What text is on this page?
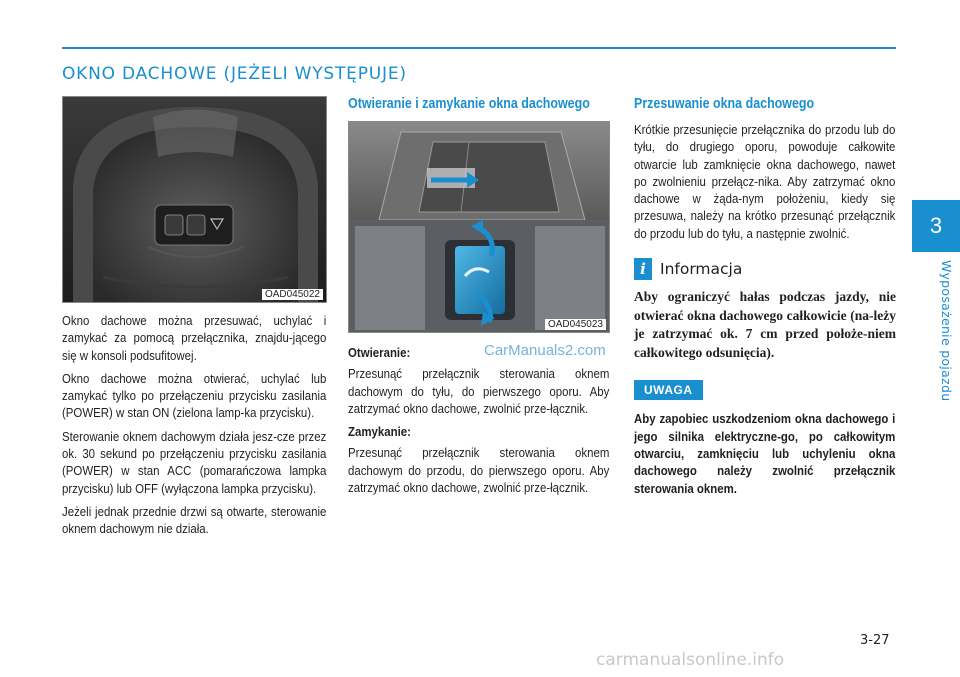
OKNO DACHOWE (JEŻELI WYSTĘPUJE)
3
Wyposażenie pojazdu
OAD045022

Okno dachowe można przesuwać, uchylać i zamykać za pomocą przełącznika, znajdu-jącego się w konsoli podsufitowej.

Okno dachowe można otwierać, uchylać lub zamykać tylko po przełączeniu przycisku zasilania (POWER) w stan ON (zielona lamp-ka przycisku).

Sterowanie oknem dachowym działa jesz-cze przez ok. 30 sekund po przełączeniu przycisku zasilania (POWER) w stan ACC (pomarańczowa lampka przycisku) lub OFF (wyłączona lampka przycisku).

Jeżeli jednak przednie drzwi są otwarte, sterowanie oknem dachowym nie działa.

Otwieranie i zamykanie okna dachowego
OAD045023

Otwieranie:

Przesunąć przełącznik sterowania oknem dachowym do tyłu, do pierwszego oporu. Aby zatrzymać okno dachowe, zwolnić prze-łącznik.

Zamykanie:

Przesunąć przełącznik sterowania oknem dachowym do przodu, do pierwszego oporu. Aby zatrzymać okno dachowe, zwolnić prze-łącznik.

Przesuwanie okna dachowego

Krótkie przesunięcie przełącznika do przodu lub do tyłu, do drugiego oporu, powoduje całkowite otwarcie lub zamknięcie okna dachowego, nawet po zwolnieniu przełącz-nika. Aby zatrzymać okno dachowe w żąda-nym położeniu, kiedy się przesuwa, należy na krótko przesunąć przełącznik do przodu lub do tyłu, a następnie zwolnić.

i Informacja
Aby ograniczyć hałas podczas jazdy, nie otwierać okna dachowego całkowicie (na-leży je zatrzymać ok. 7 cm przed położe-niem całkowitego odsunięcia).
UWAGA
Aby zapobiec uszkodzeniom okna dachowego i jego silnika elektryczne-go, po całkowitym otwarciu, zamknięciu lub uchyleniu okna dachowego należy zwolnić przełącznik sterowania oknem.
CarManuals2.com
3-27
carmanualsonline.info
